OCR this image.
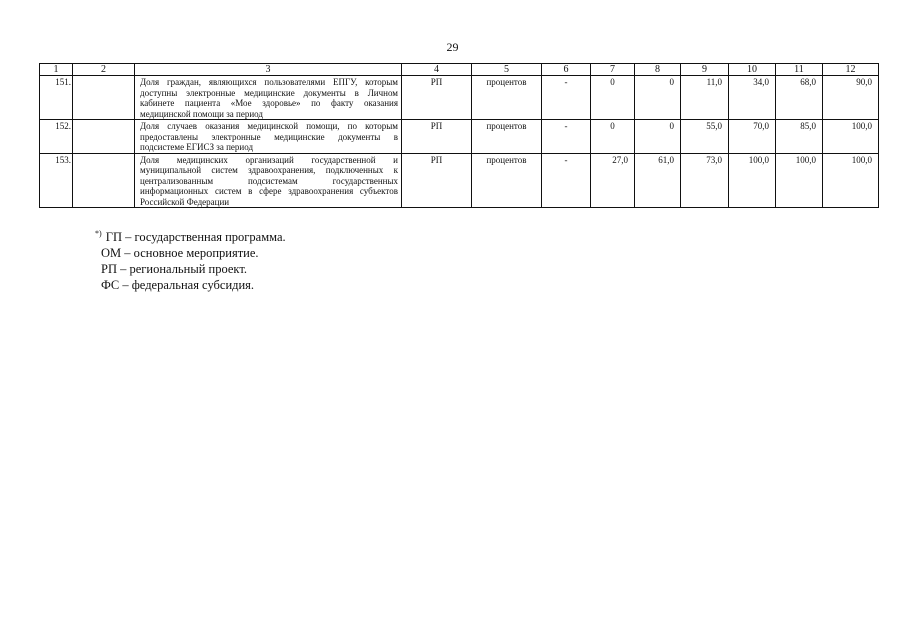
29
1	2	3	4	5	6	7	8	9	10	11	12
151.		Доля граждан, являющихся пользователями ЕПГУ, которым доступны электронные медицинские документы в Личном кабинете пациента «Мое здоровье» по факту оказания медицинской помощи за период	РП	процентов	-	0	0	11,0	34,0	68,0	90,0
152.		Доля случаев оказания медицинской помощи, по которым предоставлены электронные медицинские документы в подсистеме ЕГИСЗ за период	РП	процентов	-	0	0	55,0	70,0	85,0	100,0
153.		Доля медицинских организаций государственной и муниципальной систем здравоохранения, подключенных к централизованным подсистемам государственных информационных систем в сфере здравоохранения субъектов Российской Федерации	РП	процентов	-	27,0	61,0	73,0	100,0	100,0	100,0
*) ГП – государственная программа.
ОМ – основное мероприятие.
РП – региональный проект.
ФС – федеральная субсидия.
